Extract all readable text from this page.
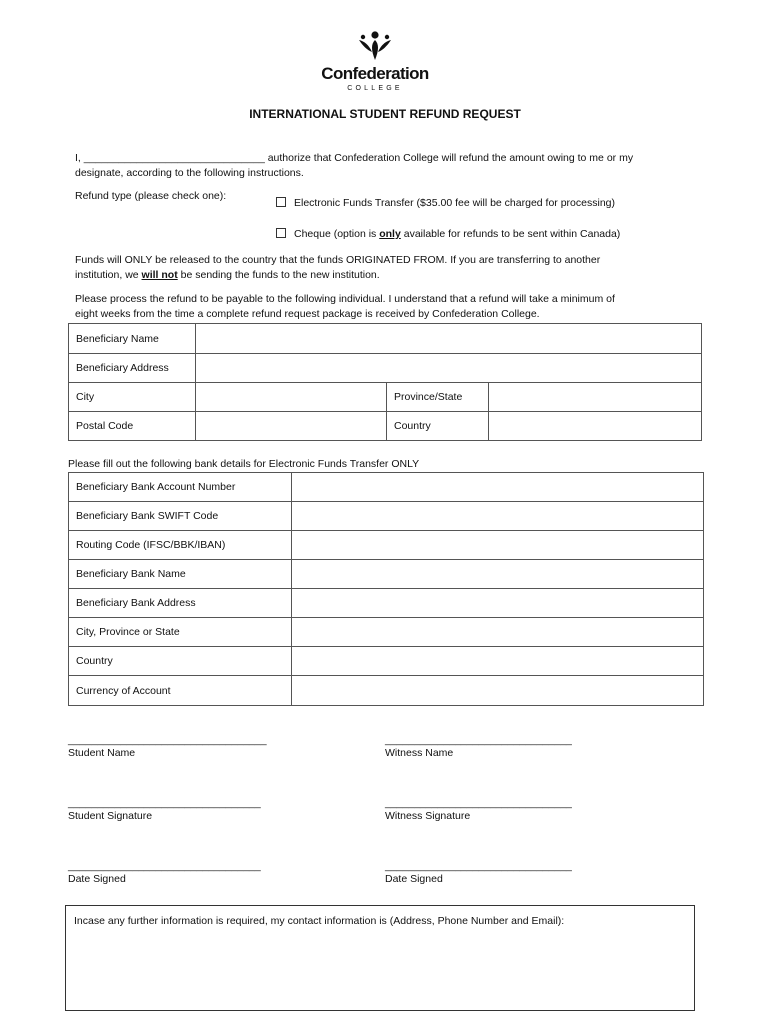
Confederation
COLLEGE
INTERNATIONAL STUDENT REFUND REQUEST
I, _______________________________ authorize that Confederation College will refund the amount owing to me or my
designate, according to the following instructions.
Refund type (please check one):
Electronic Funds Transfer ($35.00 fee will be charged for processing)
Cheque (option is only available for refunds to be sent within Canada)
Funds will ONLY be released to the country that the funds ORIGINATED FROM. If you are transferring to another
institution, we will not be sending the funds to the new institution.
Please process the refund to be payable to the following individual. I understand that a refund will take a minimum of
eight weeks from the time a complete refund request package is received by Confederation College.
Beneficiary Name			
Beneficiary Address			
City		Province/State	
Postal Code		Country	
Please fill out the following bank details for Electronic Funds Transfer ONLY
Beneficiary Bank Account Number	
Beneficiary Bank SWIFT Code	
Routing Code (IFSC/BBK/IBAN)	
Beneficiary Bank Name	
Beneficiary Bank Address	
City, Province or State	
Country	
Currency of Account	
__________________________________	________________________________
Student Name	Witness Name
_________________________________	________________________________
Student Signature	Witness Signature
_________________________________	________________________________
Date Signed	Date Signed
Incase any further information is required, my contact information is (Address, Phone Number and Email):
